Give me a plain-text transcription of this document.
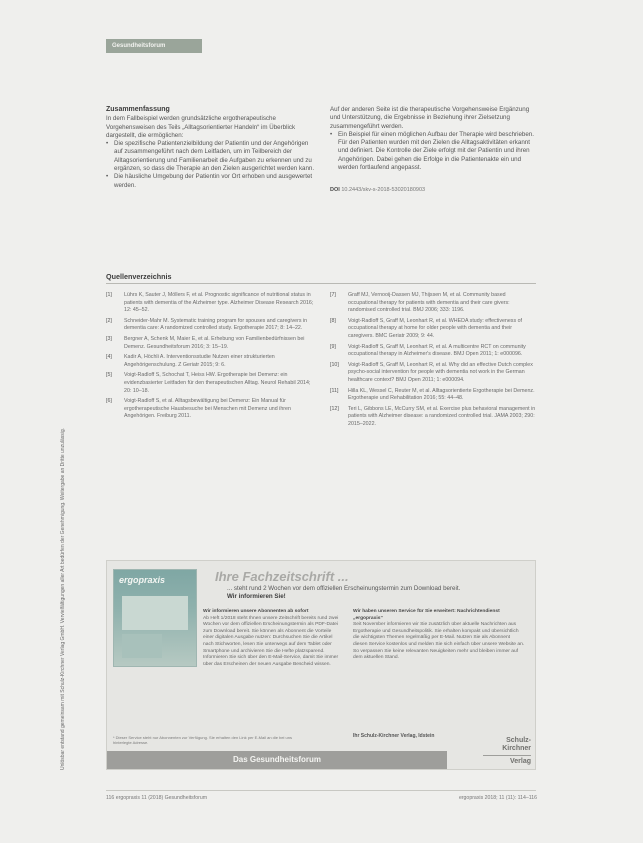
Gesundheitsforum
Unlösbar entstand gemeinsam mit Schulz-Kirchner Verlag GmbH. Vervielfältigungen aller Art bedürfen der Genehmigung. Weitergabe an Dritte unzulässig.

Zusammenfassung

In dem Fallbeispiel werden grundsätzliche ergotherapeutische Vorgehensweisen des Teils „Alltagsorientierter Handeln“ im Überblick dargestellt, die ermöglichen:

• Die spezifische Patientenzielbildung der Patientin und der Angehörigen auf zusammengeführt nach dem Leitfaden, um im Teilbereich der Alltagsorientierung und Familienarbeit die Aufgaben zu erkennen und zu ergänzen, so dass die Therapie an den Zielen ausgerichtet werden kann.

• Die häusliche Umgebung der Patientin vor Ort erhoben und ausgewertet werden.

Auf der anderen Seite ist die therapeutische Vorgehensweise Ergänzung und Unterstützung, die Ergebnisse in Beziehung ihrer Zielsetzung zusammengeführt werden.

• Ein Beispiel für einen möglichen Aufbau der Therapie wird beschrieben. Für den Patienten wurden mit den Zielen die Alltagsaktivitäten erkannt und definiert. Die Kontrolle der Ziele erfolgt mit der Patientin und ihren Angehörigen. Dabei gehen die Erfolge in die Patientenakte ein und werden fortlaufend angepasst.

DOI 10.2443/skv-s-2018-53020180903

Quellenverzeichnis
[1]	Lührs K, Sauter J, Möllers F, et al. Prognostic significance of nutritional status in patients with dementia of the Alzheimer type. Alzheimer Disease Research 2016; 12: 45–52.
[2]	Schneider-Mahr M. Systematic training program for spouses and caregivers in dementia care: A randomized controlled study. Ergotherapie 2017; 8: 14–22.
[3]	Bergner A, Schenk M, Maier E, et al. Erhebung von Familienbedürfnissen bei Demenz. Gesundheitsforum 2016; 3: 15–19.
[4]	Kadir A, Höchli A. Interventionsstudie Nutzen einer strukturierten Angehörigenschulung. Z Geriatr 2015; 9: 6.
[5]	Voigt-Radloff S, Schochat T, Heiss HW. Ergotherapie bei Demenz: ein evidenzbasierter Leitfaden für den therapeutischen Alltag. Neurol Rehabil 2014; 20: 10–18.
[6]	Voigt-Radloff S, et al. Alltagsbewältigung bei Demenz: Ein Manual für ergotherapeutische Hausbesuche bei Menschen mit Demenz und ihren Angehörigen. Freiburg 2011.
[7]	Graff MJ, Vernooij-Dassen MJ, Thijssen M, et al. Community based occupational therapy for patients with dementia and their care givers: randomised controlled trial. BMJ 2006; 333: 1196.
[8]	Voigt-Radloff S, Graff M, Leonhart R, et al. WHEDA study: effectiveness of occupational therapy at home for older people with dementia and their caregivers. BMC Geriatr 2009; 9: 44.
[9]	Voigt-Radloff S, Graff M, Leonhart R, et al. A multicentre RCT on community occupational therapy in Alzheimer's disease. BMJ Open 2011; 1: e000096.
[10]	Voigt-Radloff S, Graff M, Leonhart R, et al. Why did an effective Dutch complex psycho-social intervention for people with dementia not work in the German healthcare context? BMJ Open 2011; 1: e000094.
[11]	Hilla KL, Wessel C, Reuter M, et al. Alltagsorientierte Ergotherapie bei Demenz. Ergotherapie und Rehabilitation 2016; 55: 44–48.
[12]	Teri L, Gibbons LE, McCurry SM, et al. Exercise plus behavioral management in patients with Alzheimer disease: a randomized controlled trial. JAMA 2003; 290: 2015–2022.
ergopraxis	Ihre Fachzeitschrift ...
... steht rund 2 Wochen vor dem offiziellen Erscheinungstermin zum Download bereit.
Wir informieren Sie!
Wir informieren unsere Abonnenten ab sofort
Ab Heft 1/2018 steht Ihnen unsere Zeitschrift bereits rund zwei Wochen vor dem offiziellen Erscheinungstermin als PDF-Datei zum Download bereit. Sie können als Abonnent die Vorteile einer digitalen Ausgabe nutzen: Durchsuchen Sie die Artikel nach Stichworten, lesen Sie unterwegs auf dem Tablet oder Smartphone und archivieren Sie die Hefte platzsparend. Informieren Sie sich über den E-Mail-Service, damit Sie immer über das Erscheinen der neuen Ausgabe Bescheid wissen.
Wir haben unseren Service für Sie erweitert: Nachrichtendienst „ergopraxis“
Seit November informieren wir Sie zusätzlich über aktuelle Nachrichten aus Ergotherapie und Gesundheitspolitik. Sie erhalten kompakt und übersichtlich die wichtigsten Themen regelmäßig per E-Mail. Nutzen Sie als Abonnent diesen Service kostenlos und melden Sie sich einfach über unsere Website an. So verpassen Sie keine relevanten Neuigkeiten mehr und bleiben immer auf dem aktuellen Stand.
* Dieser Service steht nur Abonnenten zur Verfügung. Sie erhalten den Link per E-Mail an die bei uns hinterlegte Adresse.
Ihr Schulz-Kirchner Verlag, Idstein
Das Gesundheitsforum
Schulz-
Kirchner
Verlag
116 ergopraxis 11 (2018) Gesundheitsforum	ergopraxis 2018; 11 (11): 114–116
